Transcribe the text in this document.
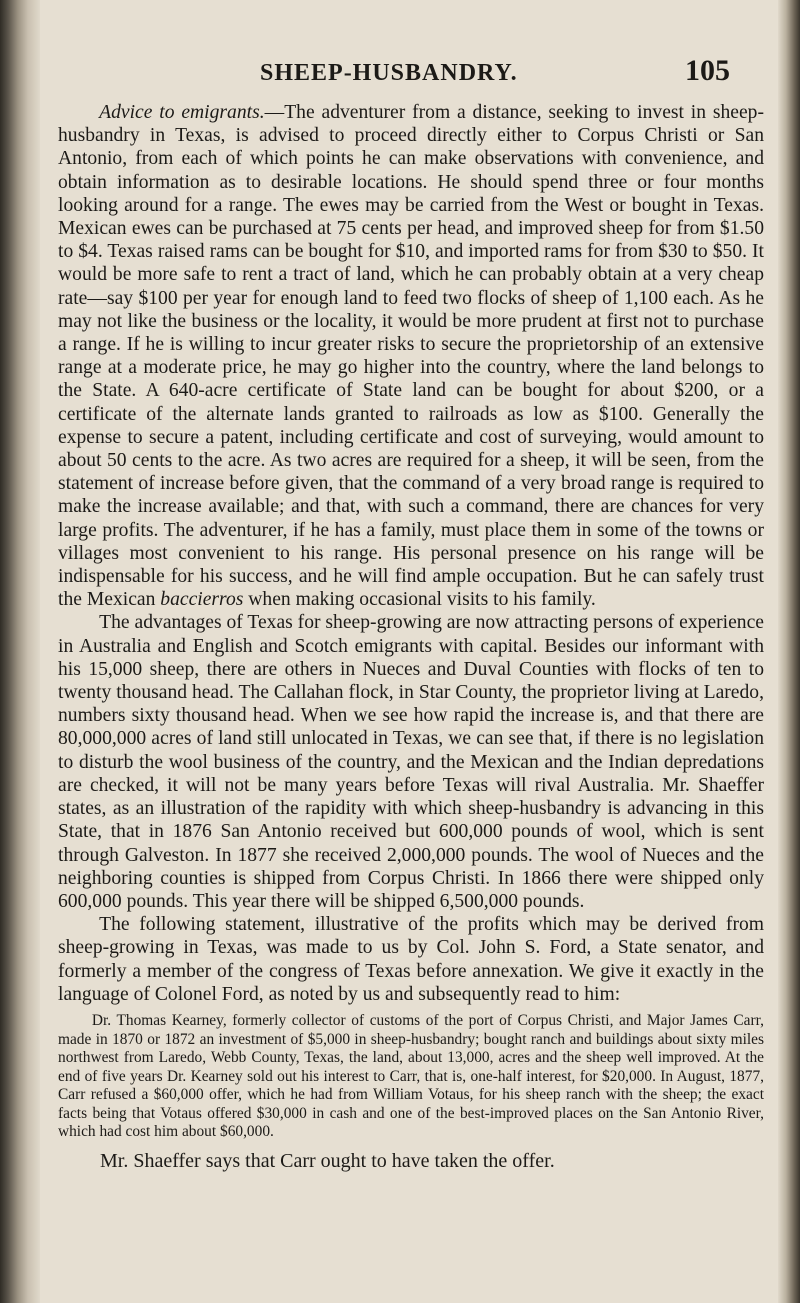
SHEEP-HUSBANDRY.	105

Advice to emigrants.—The adventurer from a distance, seeking to invest in sheep-husbandry in Texas, is advised to proceed directly either to Corpus Christi or San Antonio, from each of which points he can make observations with convenience, and obtain information as to desirable locations. He should spend three or four months looking around for a range. The ewes may be carried from the West or bought in Texas. Mexican ewes can be purchased at 75 cents per head, and improved sheep for from $1.50 to $4. Texas raised rams can be bought for $10, and imported rams for from $30 to $50. It would be more safe to rent a tract of land, which he can probably obtain at a very cheap rate—say $100 per year for enough land to feed two flocks of sheep of 1,100 each. As he may not like the business or the locality, it would be more prudent at first not to purchase a range. If he is willing to incur greater risks to secure the proprietorship of an extensive range at a moderate price, he may go higher into the country, where the land belongs to the State. A 640-acre certificate of State land can be bought for about $200, or a certificate of the alternate lands granted to railroads as low as $100. Generally the expense to secure a patent, including certificate and cost of surveying, would amount to about 50 cents to the acre. As two acres are required for a sheep, it will be seen, from the statement of increase before given, that the command of a very broad range is required to make the increase available; and that, with such a command, there are chances for very large profits. The adventurer, if he has a family, must place them in some of the towns or villages most convenient to his range. His personal presence on his range will be indispensable for his success, and he will find ample occupation. But he can safely trust the Mexican baccierros when making occasional visits to his family.

The advantages of Texas for sheep-growing are now attracting persons of experience in Australia and English and Scotch emigrants with capital. Besides our informant with his 15,000 sheep, there are others in Nueces and Duval Counties with flocks of ten to twenty thousand head. The Callahan flock, in Star County, the proprietor living at Laredo, numbers sixty thousand head. When we see how rapid the increase is, and that there are 80,000,000 acres of land still unlocated in Texas, we can see that, if there is no legislation to disturb the wool business of the country, and the Mexican and the Indian depredations are checked, it will not be many years before Texas will rival Australia. Mr. Shaeffer states, as an illustration of the rapidity with which sheep-husbandry is advancing in this State, that in 1876 San Antonio received but 600,000 pounds of wool, which is sent through Galveston. In 1877 she received 2,000,000 pounds. The wool of Nueces and the neighboring counties is shipped from Corpus Christi. In 1866 there were shipped only 600,000 pounds. This year there will be shipped 6,500,000 pounds.

The following statement, illustrative of the profits which may be derived from sheep-growing in Texas, was made to us by Col. John S. Ford, a State senator, and formerly a member of the congress of Texas before annexation. We give it exactly in the language of Colonel Ford, as noted by us and subsequently read to him:

Dr. Thomas Kearney, formerly collector of customs of the port of Corpus Christi, and Major James Carr, made in 1870 or 1872 an investment of $5,000 in sheep-husbandry; bought ranch and buildings about sixty miles northwest from Laredo, Webb County, Texas, the land, about 13,000, acres and the sheep well improved. At the end of five years Dr. Kearney sold out his interest to Carr, that is, one-half interest, for $20,000. In August, 1877, Carr refused a $60,000 offer, which he had from William Votaus, for his sheep ranch with the sheep; the exact facts being that Votaus offered $30,000 in cash and one of the best-improved places on the San Antonio River, which had cost him about $60,000.

Mr. Shaeffer says that Carr ought to have taken the offer.
